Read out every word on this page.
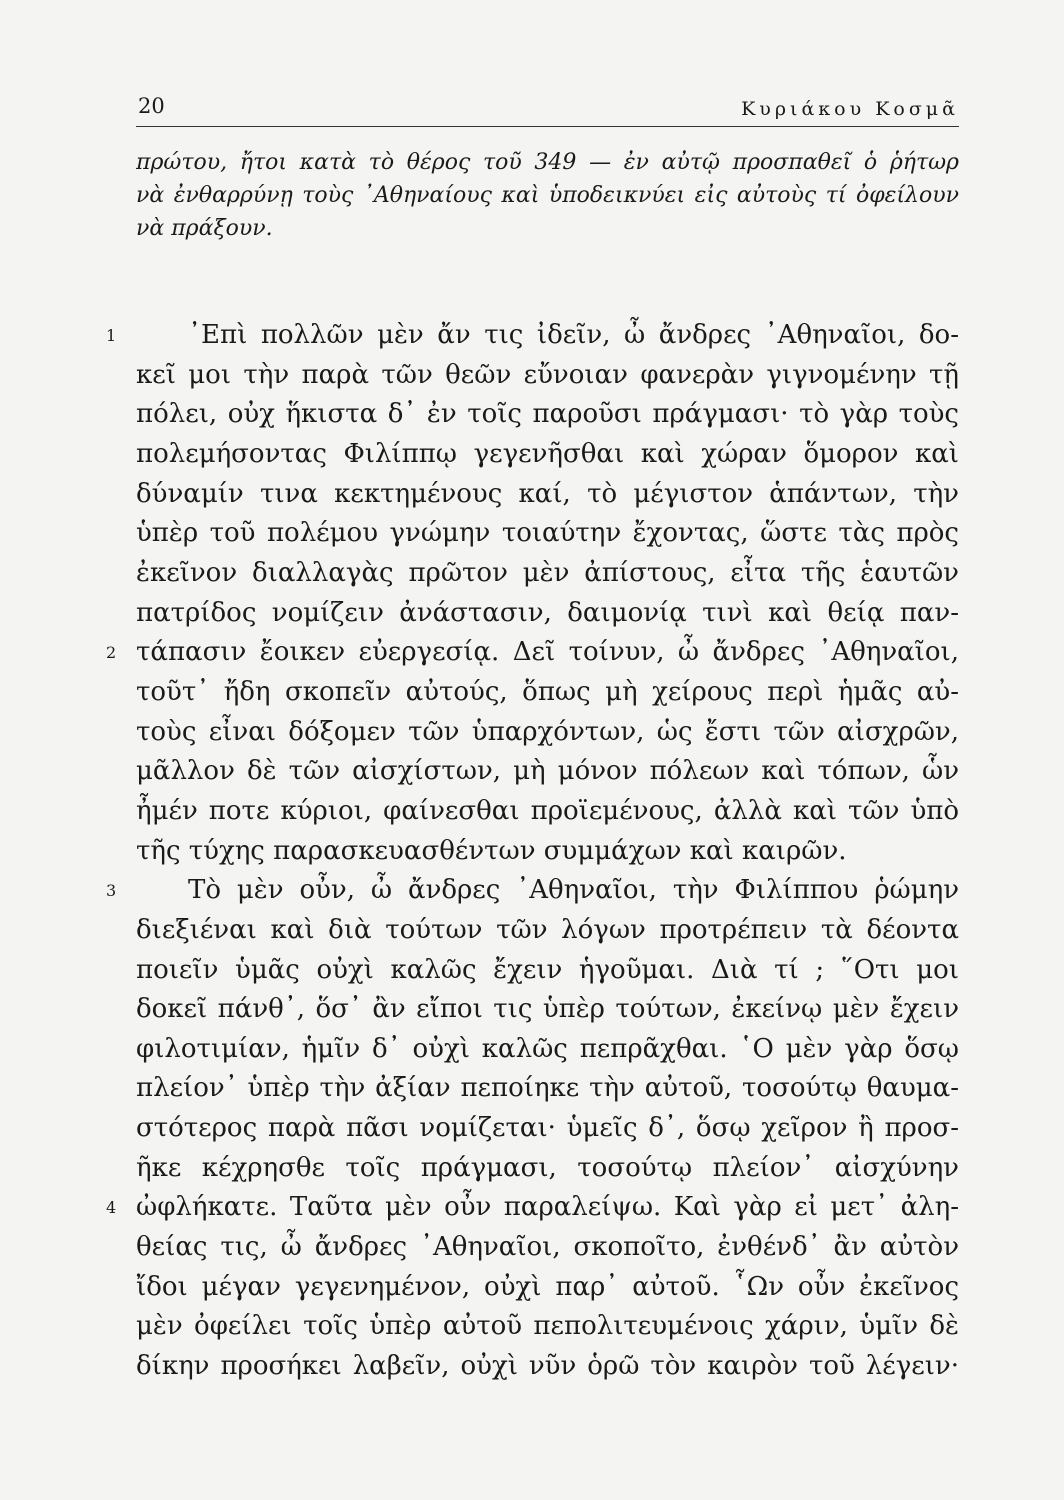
20	Κυριάκου Κοσμᾶ
πρώτου, ἤτοι κατὰ τὸ θέρος τοῦ 349 — ἐν αὐτῷ προσπαθεῖ ὁ ῥήτωρ
νὰ ἐνθαρρύνῃ τοὺς ᾿Αθηναίους καὶ ὑποδεικνύει εἰς αὐτοὺς τί ὀφείλουν
νὰ πράξουν.
1	᾿Επὶ πολλῶν μὲν ἄν τις ἰδεῖν, ὦ ἄνδρες ᾿Αθηναῖοι, δο-
κεῖ μοι τὴν παρὰ τῶν θεῶν εὔνοιαν φανερὰν γιγνομένην τῇ
πόλει, οὐχ ἥκιστα δ᾿ ἐν τοῖς παροῦσι πράγμασι· τὸ γὰρ τοὺς
πολεμήσοντας Φιλίππῳ γεγενῆσθαι καὶ χώραν ὅμορον καὶ
δύναμίν τινα κεκτημένους καί, τὸ μέγιστον ἁπάντων, τὴν
ὑπὲρ τοῦ πολέμου γνώμην τοιαύτην ἔχοντας, ὥστε τὰς πρὸς
ἐκεῖνον διαλλαγὰς πρῶτον μὲν ἀπίστους, εἶτα τῆς ἑαυτῶν
πατρίδος νομίζειν ἀνάστασιν, δαιμονίᾳ τινὶ καὶ θείᾳ παν-
2 τάπασιν ἔοικεν εὐεργεσίᾳ. Δεῖ τοίνυν, ὦ ἄνδρες ᾿Αθηναῖοι,
τοῦτ᾿ ἤδη σκοπεῖν αὐτούς, ὅπως μὴ χείρους περὶ ἡμᾶς αὐ-
τοὺς εἶναι δόξομεν τῶν ὑπαρχόντων, ὡς ἔστι τῶν αἰσχρῶν,
μᾶλλον δὲ τῶν αἰσχίστων, μὴ μόνον πόλεων καὶ τόπων, ὧν
ἦμέν ποτε κύριοι, φαίνεσθαι προϊεμένους, ἀλλὰ καὶ τῶν ὑπὸ
τῆς τύχης παρασκευασθέντων συμμάχων καὶ καιρῶν.
3	Τὸ μὲν οὖν, ὦ ἄνδρες ᾿Αθηναῖοι, τὴν Φιλίππου ῥώμην
διεξιέναι καὶ διὰ τούτων τῶν λόγων προτρέπειν τὰ δέοντα
ποιεῖν ὑμᾶς οὐχὶ καλῶς ἔχειν ἡγοῦμαι. Διὰ τί ; ῞Οτι μοι
δοκεῖ πάνθ᾿, ὅσ᾿ ἂν εἴποι τις ὑπὲρ τούτων, ἐκείνῳ μὲν ἔχειν
φιλοτιμίαν, ἡμῖν δ᾿ οὐχὶ καλῶς πεπρᾶχθαι. ῾Ο μὲν γὰρ ὅσῳ
πλείον᾿ ὑπὲρ τὴν ἀξίαν πεποίηκε τὴν αὐτοῦ, τοσούτῳ θαυμα-
στότερος παρὰ πᾶσι νομίζεται· ὑμεῖς δ᾿, ὅσῳ χεῖρον ἢ προσ-
ῆκε κέχρησθε τοῖς πράγμασι, τοσούτῳ πλείον᾿ αἰσχύνην
4 ὠφλήκατε. Ταῦτα μὲν οὖν παραλείψω. Καὶ γὰρ εἰ μετ᾿ ἀλη-
θείας τις, ὦ ἄνδρες ᾿Αθηναῖοι, σκοποῖτο, ἐνθένδ᾿ ἂν αὐτὸν
ἴδοι μέγαν γεγενημένον, οὐχὶ παρ᾿ αὐτοῦ. ῟Ων οὖν ἐκεῖνος
μὲν ὀφείλει τοῖς ὑπὲρ αὐτοῦ πεπολιτευμένοις χάριν, ὑμῖν δὲ
δίκην προσήκει λαβεῖν, οὐχὶ νῦν ὁρῶ τὸν καιρὸν τοῦ λέγειν·
